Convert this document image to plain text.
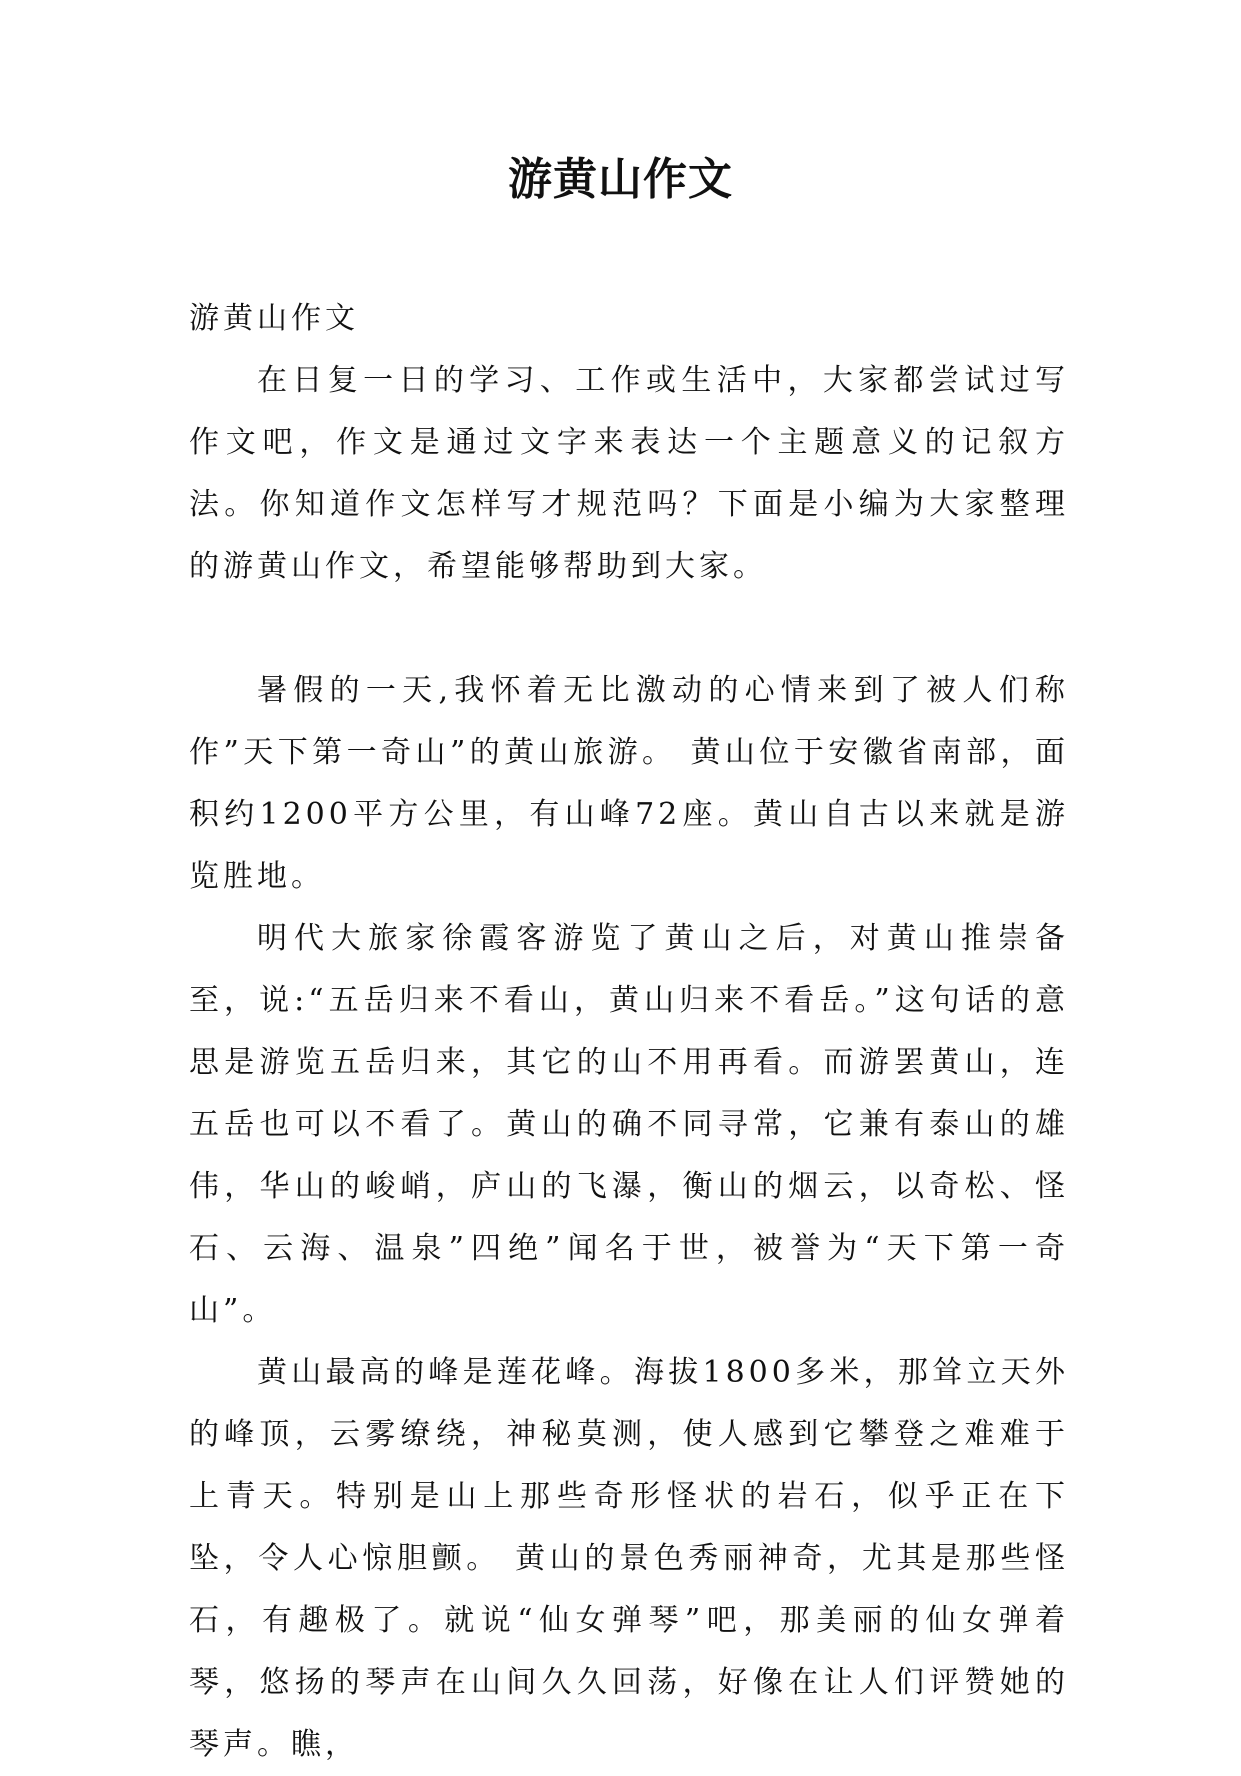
游黄山作文

游黄山作文

在日复一日的学习、工作或生活中，大家都尝试过写作文吧，作文是通过文字来表达一个主题意义的记叙方法。你知道作文怎样写才规范吗？下面是小编为大家整理的游黄山作文，希望能够帮助到大家。

暑假的一天,我怀着无比激动的心情来到了被人们称作”天下第一奇山”的黄山旅游。 黄山位于安徽省南部，面积约1200平方公里，有山峰72座。黄山自古以来就是游览胜地。

明代大旅家徐霞客游览了黄山之后，对黄山推崇备至，说:“五岳归来不看山，黄山归来不看岳。”这句话的意思是游览五岳归来，其它的山不用再看。而游罢黄山，连五岳也可以不看了。黄山的确不同寻常，它兼有泰山的雄伟，华山的峻峭，庐山的飞瀑，衡山的烟云，以奇松、怪石、云海、温泉”四绝”闻名于世，被誉为“天下第一奇山”。

黄山最高的峰是莲花峰。海拔1800多米，那耸立天外的峰顶，云雾缭绕，神秘莫测，使人感到它攀登之难难于上青天。特别是山上那些奇形怪状的岩石，似乎正在下坠，令人心惊胆颤。 黄山的景色秀丽神奇，尤其是那些怪石，有趣极了。就说“仙女弹琴”吧，那美丽的仙女弹着琴，悠扬的琴声在山间久久回荡，好像在让人们评赞她的琴声。瞧，
